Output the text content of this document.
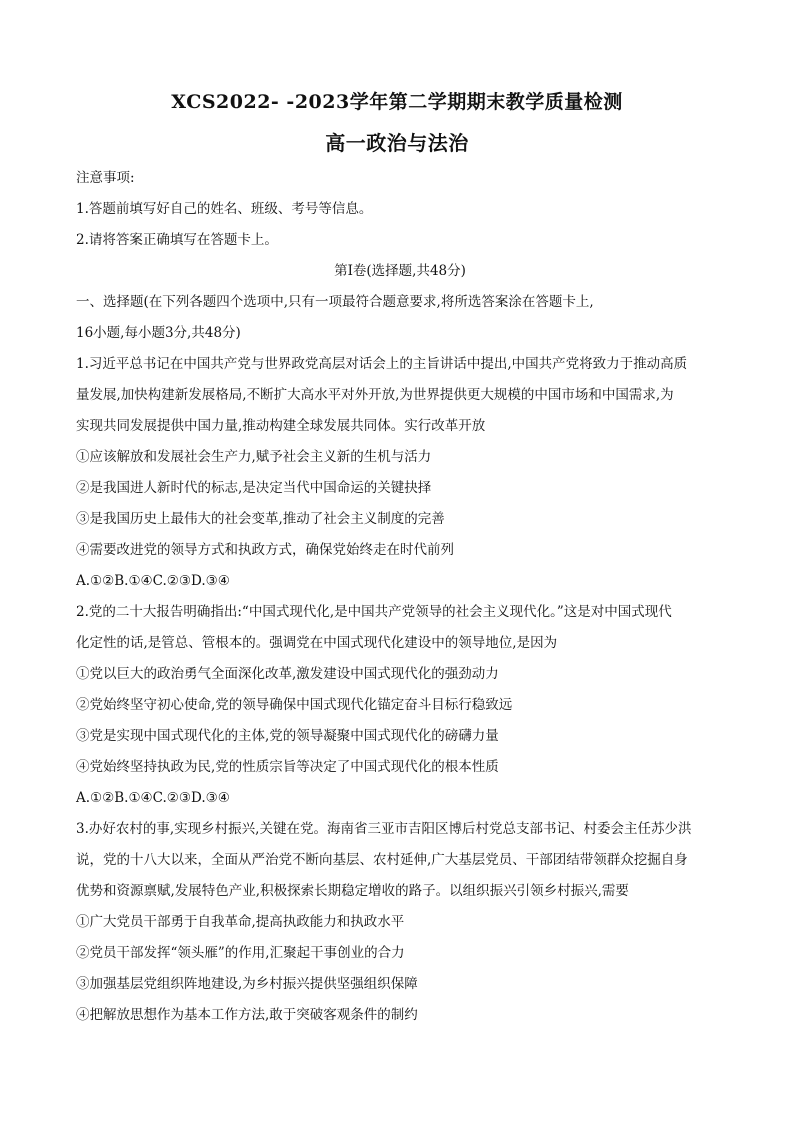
XCS2022- -2023学年第二学期期末教学质量检测
高一政治与法治
注意事项:
1.答题前填写好自己的姓名、班级、考号等信息。
2.请将答案正确填写在答题卡上。
第I卷(选择题,共48分)
一、选择题(在下列各题四个选项中,只有一项最符合题意要求,将所选答案涂在答题卡上,
16小题,每小题3分,共48分)
1.习近平总书记在中国共产党与世界政党高层对话会上的主旨讲话中提出,中国共产党将致力于推动高质
量发展,加快构建新发展格局,不断扩大高水平对外开放,为世界提供更大规模的中国市场和中国需求,为
实现共同发展提供中国力量,推动构建全球发展共同体。实行改革开放
①应该解放和发展社会生产力,赋予社会主义新的生机与活力
②是我国进人新时代的标志,是决定当代中国命运的关键抉择
③是我国历史上最伟大的社会变革,推动了社会主义制度的完善
④需要改进党的领导方式和执政方式，确保党始终走在时代前列
A.①②B.①④C.②③D.③④
2.党的二十大报告明确指出:“中国式现代化,是中国共产党领导的社会主义现代化。”这是对中国式现代
化定性的话,是管总、管根本的。强调党在中国式现代化建设中的领导地位,是因为
①党以巨大的政治勇气全面深化改革,激发建设中国式现代化的强劲动力
②党始终坚守初心使命,党的领导确保中国式现代化锚定奋斗目标行稳致远
③党是实现中国式现代化的主体,党的领导凝聚中国式现代化的磅礴力量
④党始终坚持执政为民,党的性质宗旨等决定了中国式现代化的根本性质
A.①②B.①④C.②③D.③④
3.办好农村的事,实现乡村振兴,关键在党。海南省三亚市吉阳区博后村党总支部书记、村委会主任苏少洪
说，党的十八大以来，全面从严治党不断向基层、农村延伸,广大基层党员、干部团结带领群众挖掘自身
优势和资源禀赋,发展特色产业,积极探索长期稳定增收的路子。以组织振兴引领乡村振兴,需要
①广大党员干部勇于自我革命,提高执政能力和执政水平
②党员干部发挥“领头雁”的作用,汇聚起干事创业的合力
③加强基层党组织阵地建设,为乡村振兴提供坚强组织保障
④把解放思想作为基本工作方法,敢于突破客观条件的制约
